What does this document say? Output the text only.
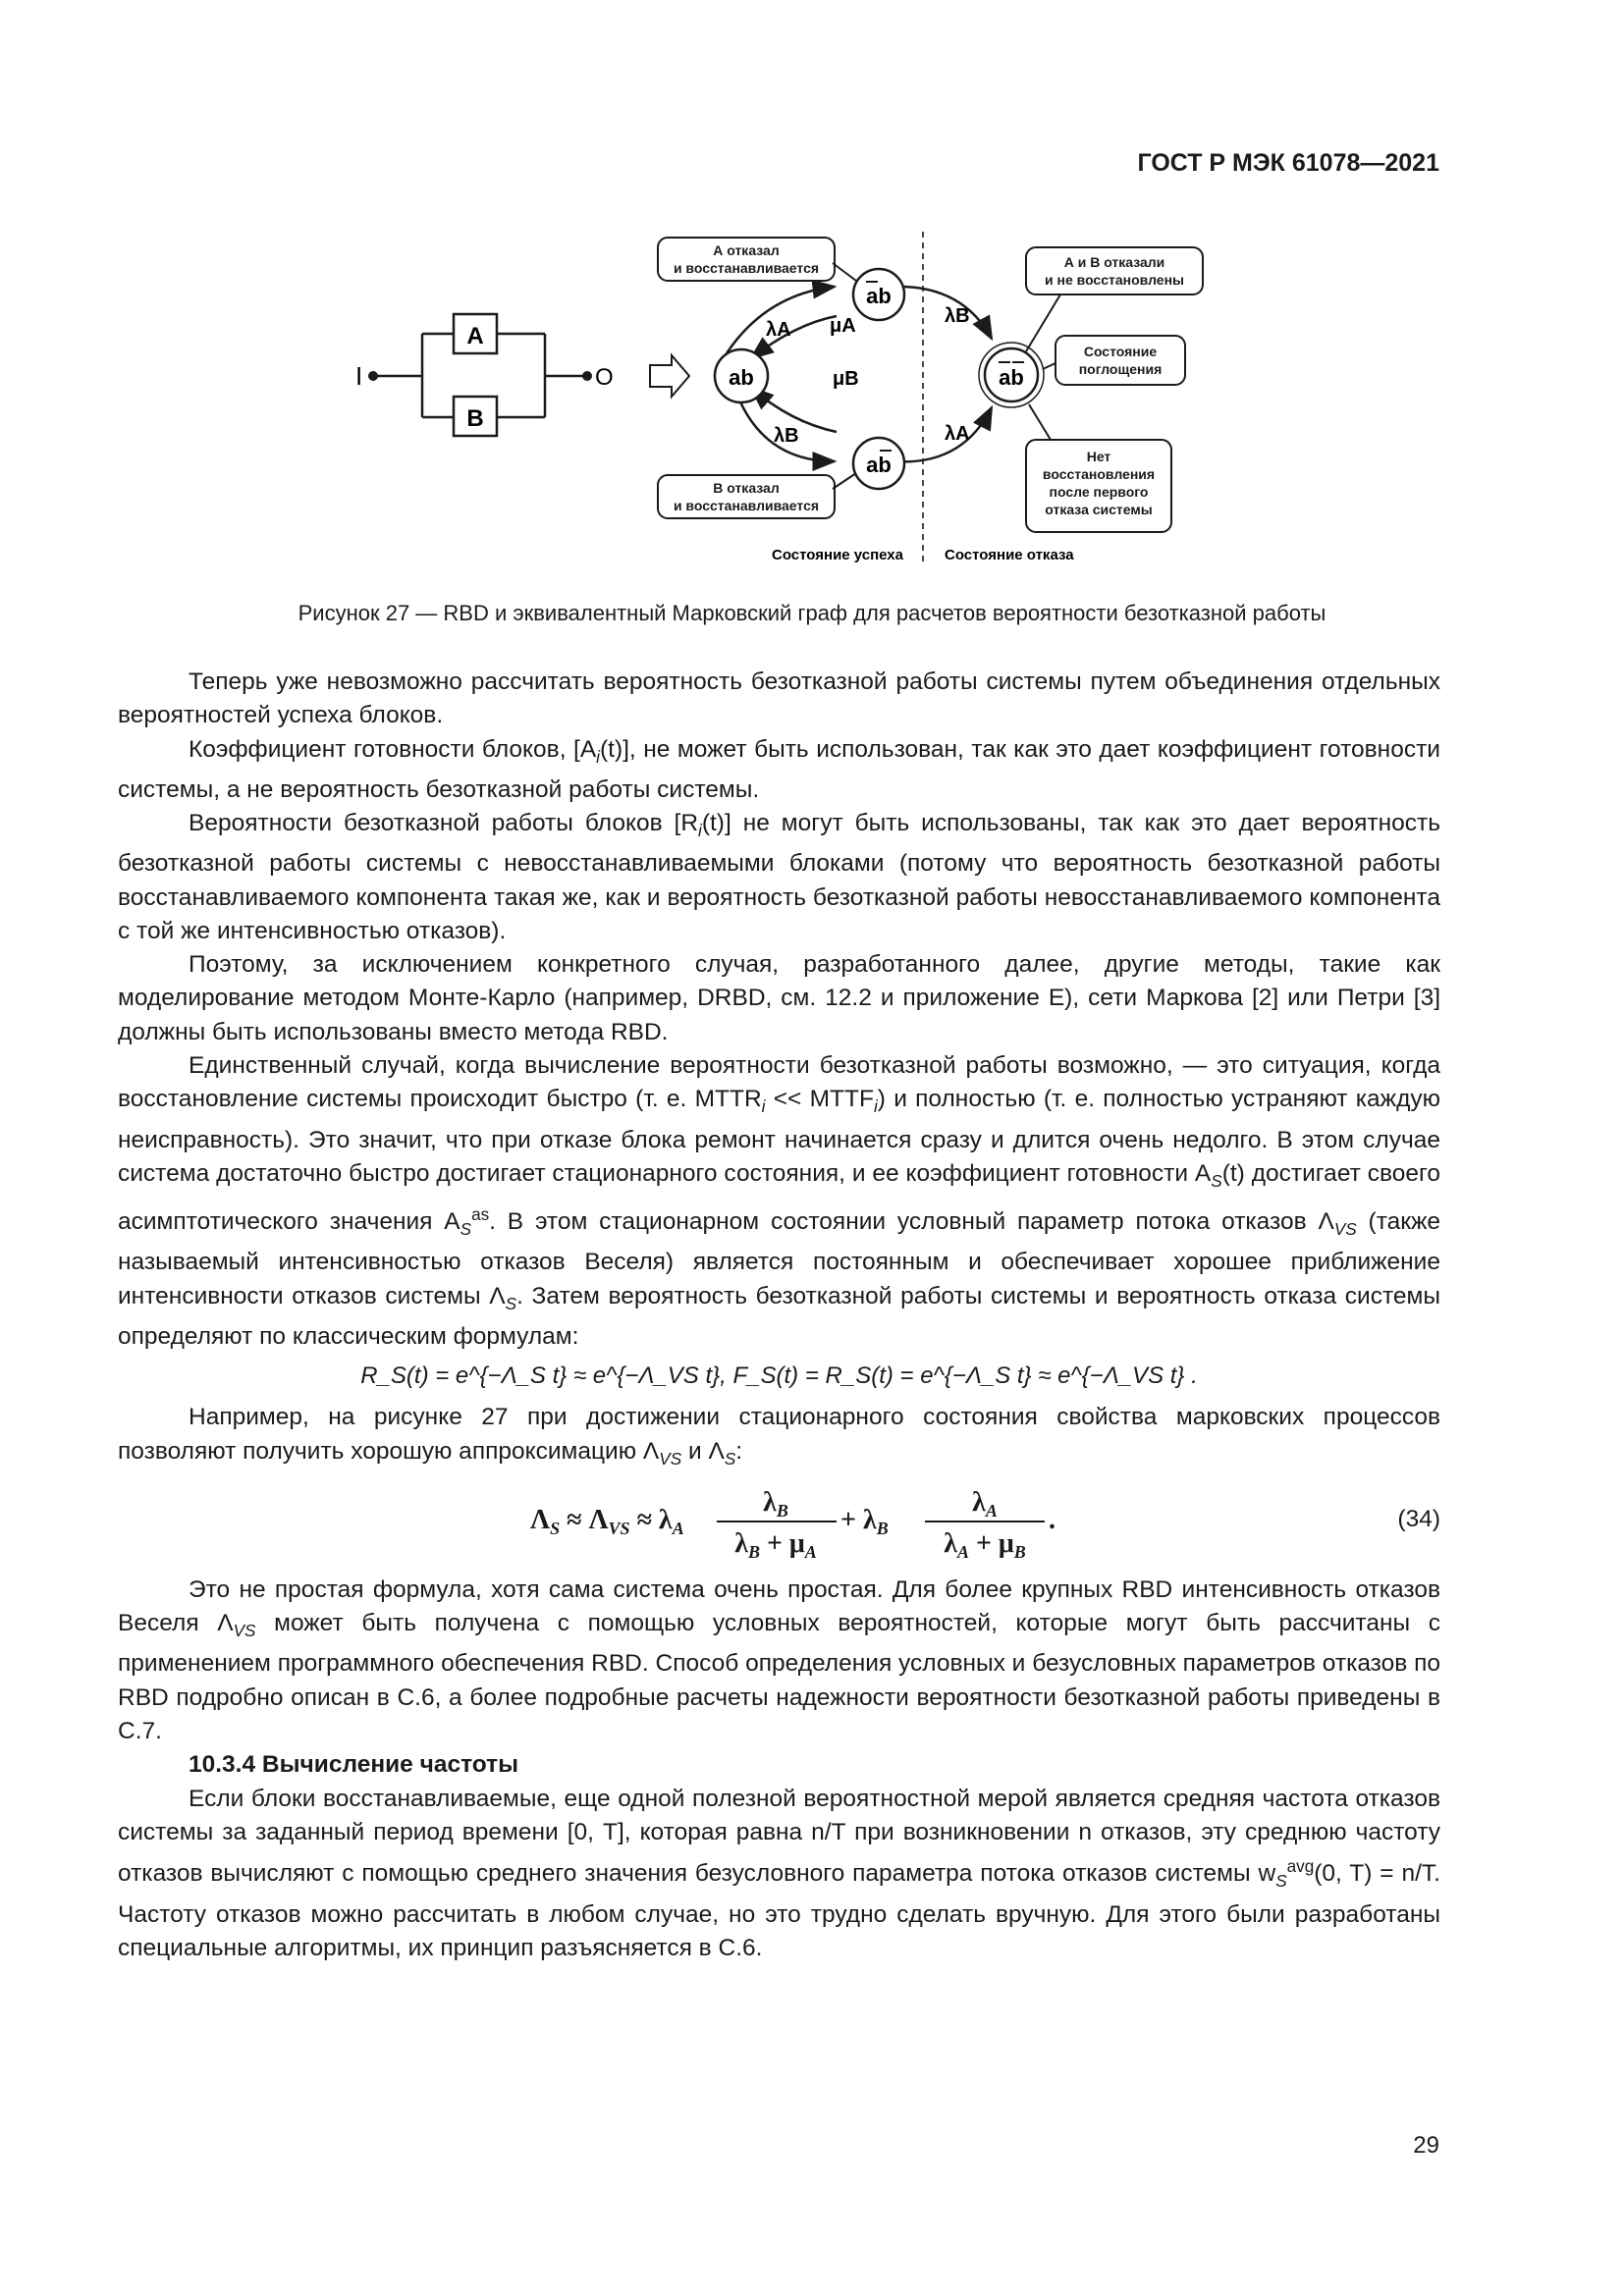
ГОСТ Р МЭК 61078—2021
I	O
A
B
ab
ab
ab
ab
λA μA
μB
λB
λB
λA
А отказал
и восстанавливается
В отказал
и восстанавливается
А и В отказали
и не восстановлены
Состояние
поглощения
Нет
восстановления
после первого
отказа системы
Состояние успеха	Состояние отказа
Рисунок 27 — RBD и эквивалентный Марковский граф для расчетов вероятности безотказной работы

Теперь уже невозможно рассчитать вероятность безотказной работы системы путем объединения отдельных вероятностей успеха блоков.

Коэффициент готовности блоков, $[A_i(t)]$, не может быть использован, так как это дает коэффициент готовности системы, а не вероятность безотказной работы системы.

Вероятности безотказной работы блоков $[R_i(t)]$ не могут быть использованы, так как это дает вероятность безотказной работы системы с невосстанавливаемыми блоками (потому что вероятность безотказной работы восстанавливаемого компонента такая же, как и вероятность безотказной работы невосстанавливаемого компонента с той же интенсивностью отказов).

Поэтому, за исключением конкретного случая, разработанного далее, другие методы, такие как моделирование методом Монте-Карло (например, DRBD, см. 12.2 и приложение E), сети Маркова [2] или Петри [3] должны быть использованы вместо метода RBD.

Единственный случай, когда вычисление вероятности безотказной работы возможно, — это ситуация, когда восстановление системы происходит быстро (т. е. $MTTR_i$ << $MTTF_i$) и полностью (т. е. полностью устраняют каждую неисправность). Это значит, что при отказе блока ремонт начинается сразу и длится очень недолго. В этом случае система достаточно быстро достигает стационарного состояния, и ее коэффициент готовности $A_S(t)$ достигает своего асимптотического значения $A_S^{as}$. В этом стационарном состоянии условный параметр потока отказов $\Lambda_{VS}$ (также называемый интенсивностью отказов Веселя) является постоянным и обеспечивает хорошее приближение интенсивности отказов системы $\Lambda_S$. Затем вероятность безотказной работы системы и вероятность отказа системы определяют по классическим формулам:

R_S(t) = e^{−Λ_S t} ≈ e^{−Λ_VS t}, F_S(t) = R_S(t) = e^{−Λ_S t} ≈ e^{−Λ_VS t} .

Например, на рисунке 27 при достижении стационарного состояния свойства марковских процессов позволяют получить хорошую аппроксимацию $\Lambda_{VS}$ и $\Lambda_S$:

$\Lambda_S \approx \Lambda_{VS} \approx \lambda_A$
$\lambda_B$
$\lambda_B + \mu_A$
+ $\lambda_B$
$\lambda_A$
$\lambda_A + \mu_B$
.	(34)

Это не простая формула, хотя сама система очень простая. Для более крупных RBD интенсивность отказов Веселя $\Lambda_{VS}$ может быть получена с помощью условных вероятностей, которые могут быть рассчитаны с применением программного обеспечения RBD. Способ определения условных и безусловных параметров отказов по RBD подробно описан в С.6, а более подробные расчеты надежности вероятности безотказной работы приведены в С.7.

10.3.4 Вычисление частоты

Если блоки восстанавливаемые, еще одной полезной вероятностной мерой является средняя частота отказов системы за заданный период времени [0, T], которая равна n/T при возникновении n отказов, эту среднюю частоту отказов вычисляют с помощью среднего значения безусловного параметра потока отказов системы $w_S^{avg}(0$, T) = n/T. Частоту отказов можно рассчитать в любом случае, но это трудно сделать вручную. Для этого были разработаны специальные алгоритмы, их принцип разъясняется в С.6.

29
